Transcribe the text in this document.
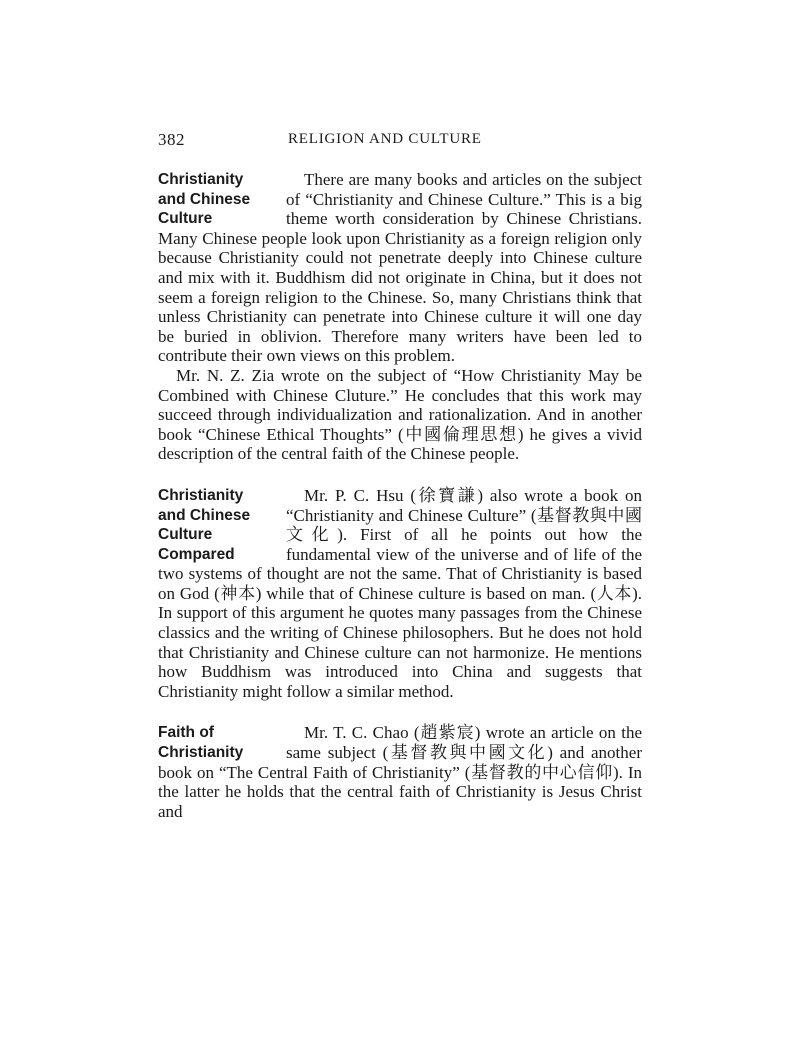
382	RELIGION AND CULTURE
Christianity
and Chinese
Culture

There are many books and articles on the subject of “Christianity and Chinese Culture.” This is a big theme worth consideration by Chinese Christians. Many Chinese people look upon Christianity as a foreign religion only because Christianity could not penetrate deeply into Chinese culture and mix with it. Buddhism did not originate in China, but it does not seem a foreign religion to the Chinese. So, many Christians think that unless Christianity can penetrate into Chinese culture it will one day be buried in oblivion. Therefore many writers have been led to contribute their own views on this problem.

Mr. N. Z. Zia wrote on the subject of “How Christianity May be Combined with Chinese Cluture.” He concludes that this work may succeed through individualization and rationalization. And in another book “Chinese Ethical Thoughts” (中國倫理思想) he gives a vivid description of the central faith of the Chinese people.

Christianity
and Chinese
Culture
Compared

Mr. P. C. Hsu (徐寶謙) also wrote a book on “Christianity and Chinese Culture” (基督教與中國文化). First of all he points out how the fundamental view of the universe and of life of the two systems of thought are not the same. That of Christianity is based on God (神本) while that of Chinese culture is based on man. (人本). In support of this argument he quotes many passages from the Chinese classics and the writing of Chinese philosophers. But he does not hold that Christianity and Chinese culture can not harmonize. He mentions how Buddhism was introduced into China and suggests that Christianity might follow a similar method.

Faith of
Christianity

Mr. T. C. Chao (趙紫宸) wrote an article on the same subject (基督教與中國文化) and another book on “The Central Faith of Christianity” (基督教的中心信仰). In the latter he holds that the central faith of Christianity is Jesus Christ and
